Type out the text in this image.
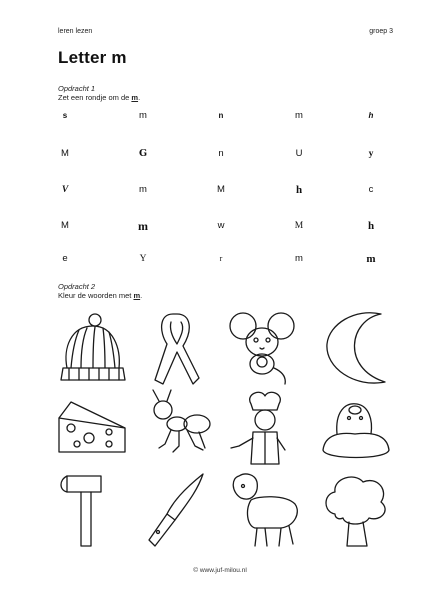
leren lezen	groep 3
Letter m
Opdracht 1
Zet een rondje om de m.
s	m	n	m	h
M	G	n	U	y
V	m	M	h	c
M	m	w	M	h
e	Y	r	m	m
Opdracht 2
Kleur de woorden met m.
© www.juf-milou.nl
